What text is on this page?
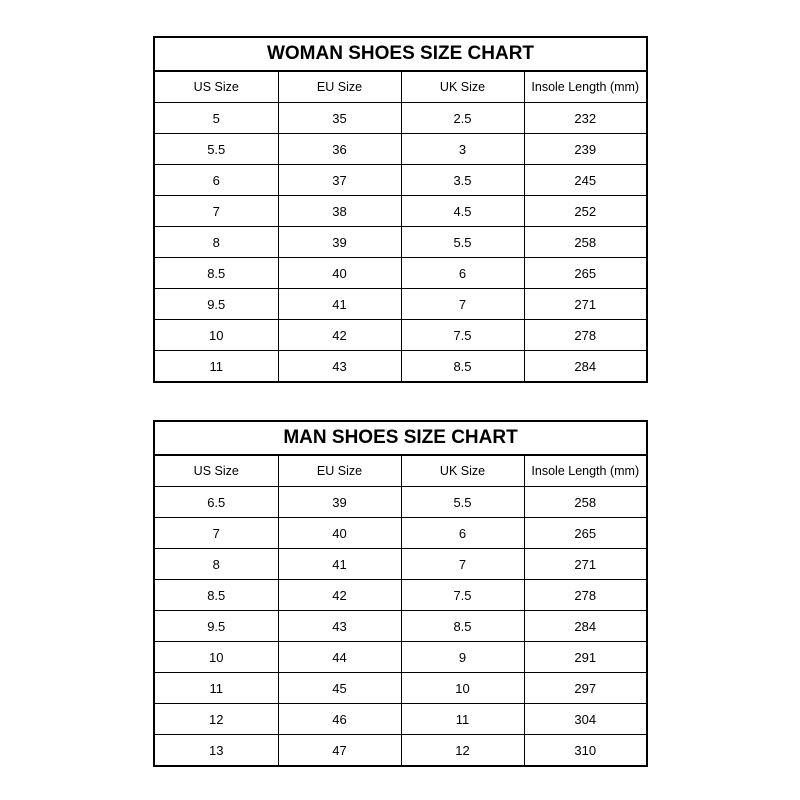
WOMAN SHOES SIZE CHART			
US Size	EU Size	UK Size	Insole Length (mm)
5	35	2.5	232
5.5	36	3	239
6	37	3.5	245
7	38	4.5	252
8	39	5.5	258
8.5	40	6	265
9.5	41	7	271
10	42	7.5	278
11	43	8.5	284
MAN SHOES SIZE CHART			
US Size	EU Size	UK Size	Insole Length (mm)
6.5	39	5.5	258
7	40	6	265
8	41	7	271
8.5	42	7.5	278
9.5	43	8.5	284
10	44	9	291
11	45	10	297
12	46	11	304
13	47	12	310
